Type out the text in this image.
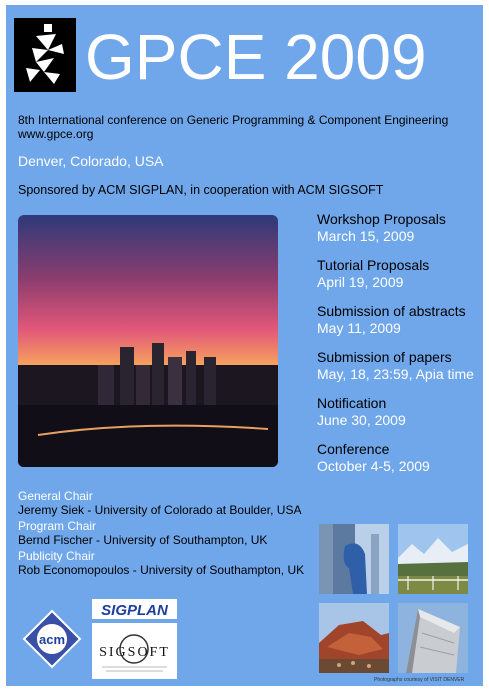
GPCE 2009
8th International conference on Generic Programming & Component Engineering
www.gpce.org
Denver, Colorado, USA
Sponsored by ACM SIGPLAN, in cooperation with ACM SIGSOFT
Workshop Proposals
March 15, 2009
Tutorial Proposals
April 19, 2009
Submission of abstracts
May 11, 2009
Submission of papers
May, 18, 23:59, Apia time
Notification
June 30, 2009
Conference
October 4-5, 2009
General Chair
Jeremy Siek - University of Colorado at Boulder, USA
Program Chair
Bernd Fischer - University of Southampton, UK
Publicity Chair
Rob Economopoulos - University of Southampton, UK
acm
SIGPLAN
SIGSOFT
Photographs courtesy of VISIT DENVER
